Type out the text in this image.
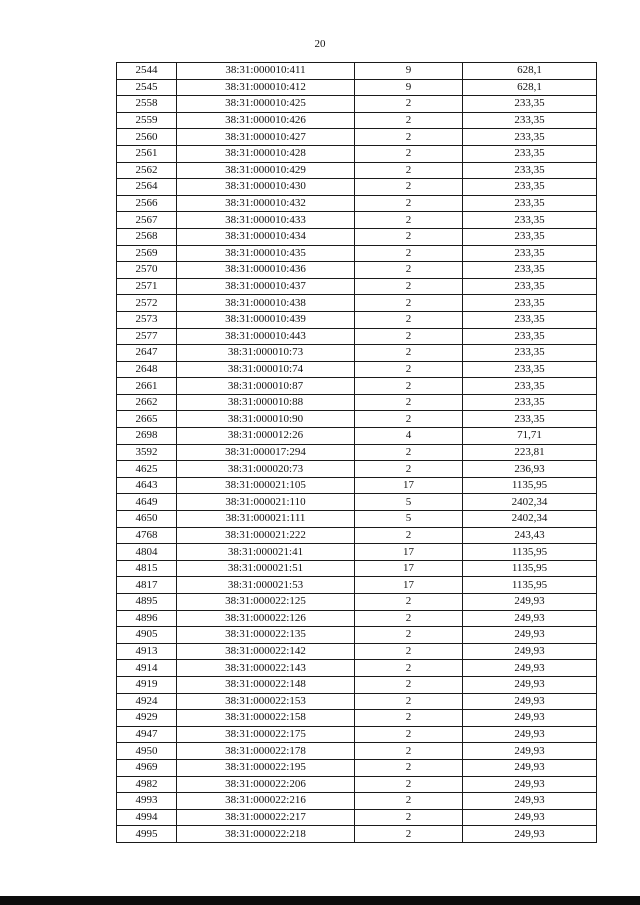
20
2544	38:31:000010:411	9	628,1
2545	38:31:000010:412	9	628,1
2558	38:31:000010:425	2	233,35
2559	38:31:000010:426	2	233,35
2560	38:31:000010:427	2	233,35
2561	38:31:000010:428	2	233,35
2562	38:31:000010:429	2	233,35
2564	38:31:000010:430	2	233,35
2566	38:31:000010:432	2	233,35
2567	38:31:000010:433	2	233,35
2568	38:31:000010:434	2	233,35
2569	38:31:000010:435	2	233,35
2570	38:31:000010:436	2	233,35
2571	38:31:000010:437	2	233,35
2572	38:31:000010:438	2	233,35
2573	38:31:000010:439	2	233,35
2577	38:31:000010:443	2	233,35
2647	38:31:000010:73	2	233,35
2648	38:31:000010:74	2	233,35
2661	38:31:000010:87	2	233,35
2662	38:31:000010:88	2	233,35
2665	38:31:000010:90	2	233,35
2698	38:31:000012:26	4	71,71
3592	38:31:000017:294	2	223,81
4625	38:31:000020:73	2	236,93
4643	38:31:000021:105	17	1135,95
4649	38:31:000021:110	5	2402,34
4650	38:31:000021:111	5	2402,34
4768	38:31:000021:222	2	243,43
4804	38:31:000021:41	17	1135,95
4815	38:31:000021:51	17	1135,95
4817	38:31:000021:53	17	1135,95
4895	38:31:000022:125	2	249,93
4896	38:31:000022:126	2	249,93
4905	38:31:000022:135	2	249,93
4913	38:31:000022:142	2	249,93
4914	38:31:000022:143	2	249,93
4919	38:31:000022:148	2	249,93
4924	38:31:000022:153	2	249,93
4929	38:31:000022:158	2	249,93
4947	38:31:000022:175	2	249,93
4950	38:31:000022:178	2	249,93
4969	38:31:000022:195	2	249,93
4982	38:31:000022:206	2	249,93
4993	38:31:000022:216	2	249,93
4994	38:31:000022:217	2	249,93
4995	38:31:000022:218	2	249,93
